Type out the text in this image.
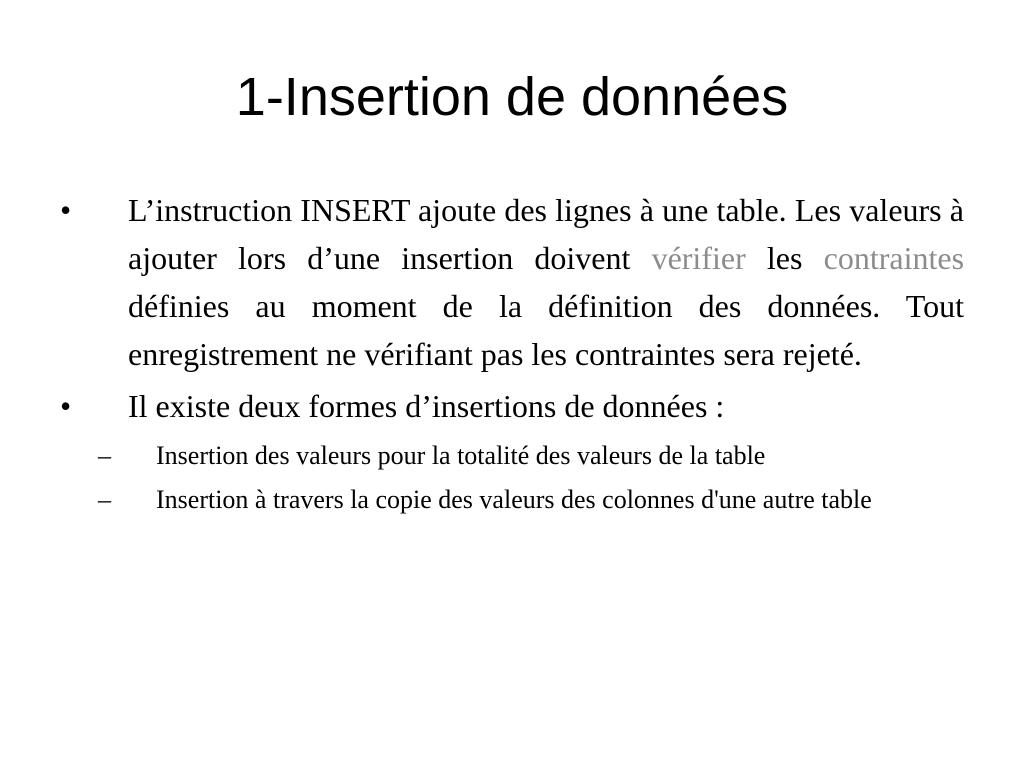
1-Insertion de données
• L’instruction INSERT ajoute des lignes à une table. Les valeurs à ajouter lors d’une insertion doivent vérifier les contraintes définies au moment de la définition des données. Tout enregistrement ne vérifiant pas les contraintes sera rejeté.
• Il existe deux formes d’insertions de données :
–	Insertion des valeurs pour la totalité des valeurs de la table
–	Insertion à travers la copie des valeurs des colonnes d'une autre table
